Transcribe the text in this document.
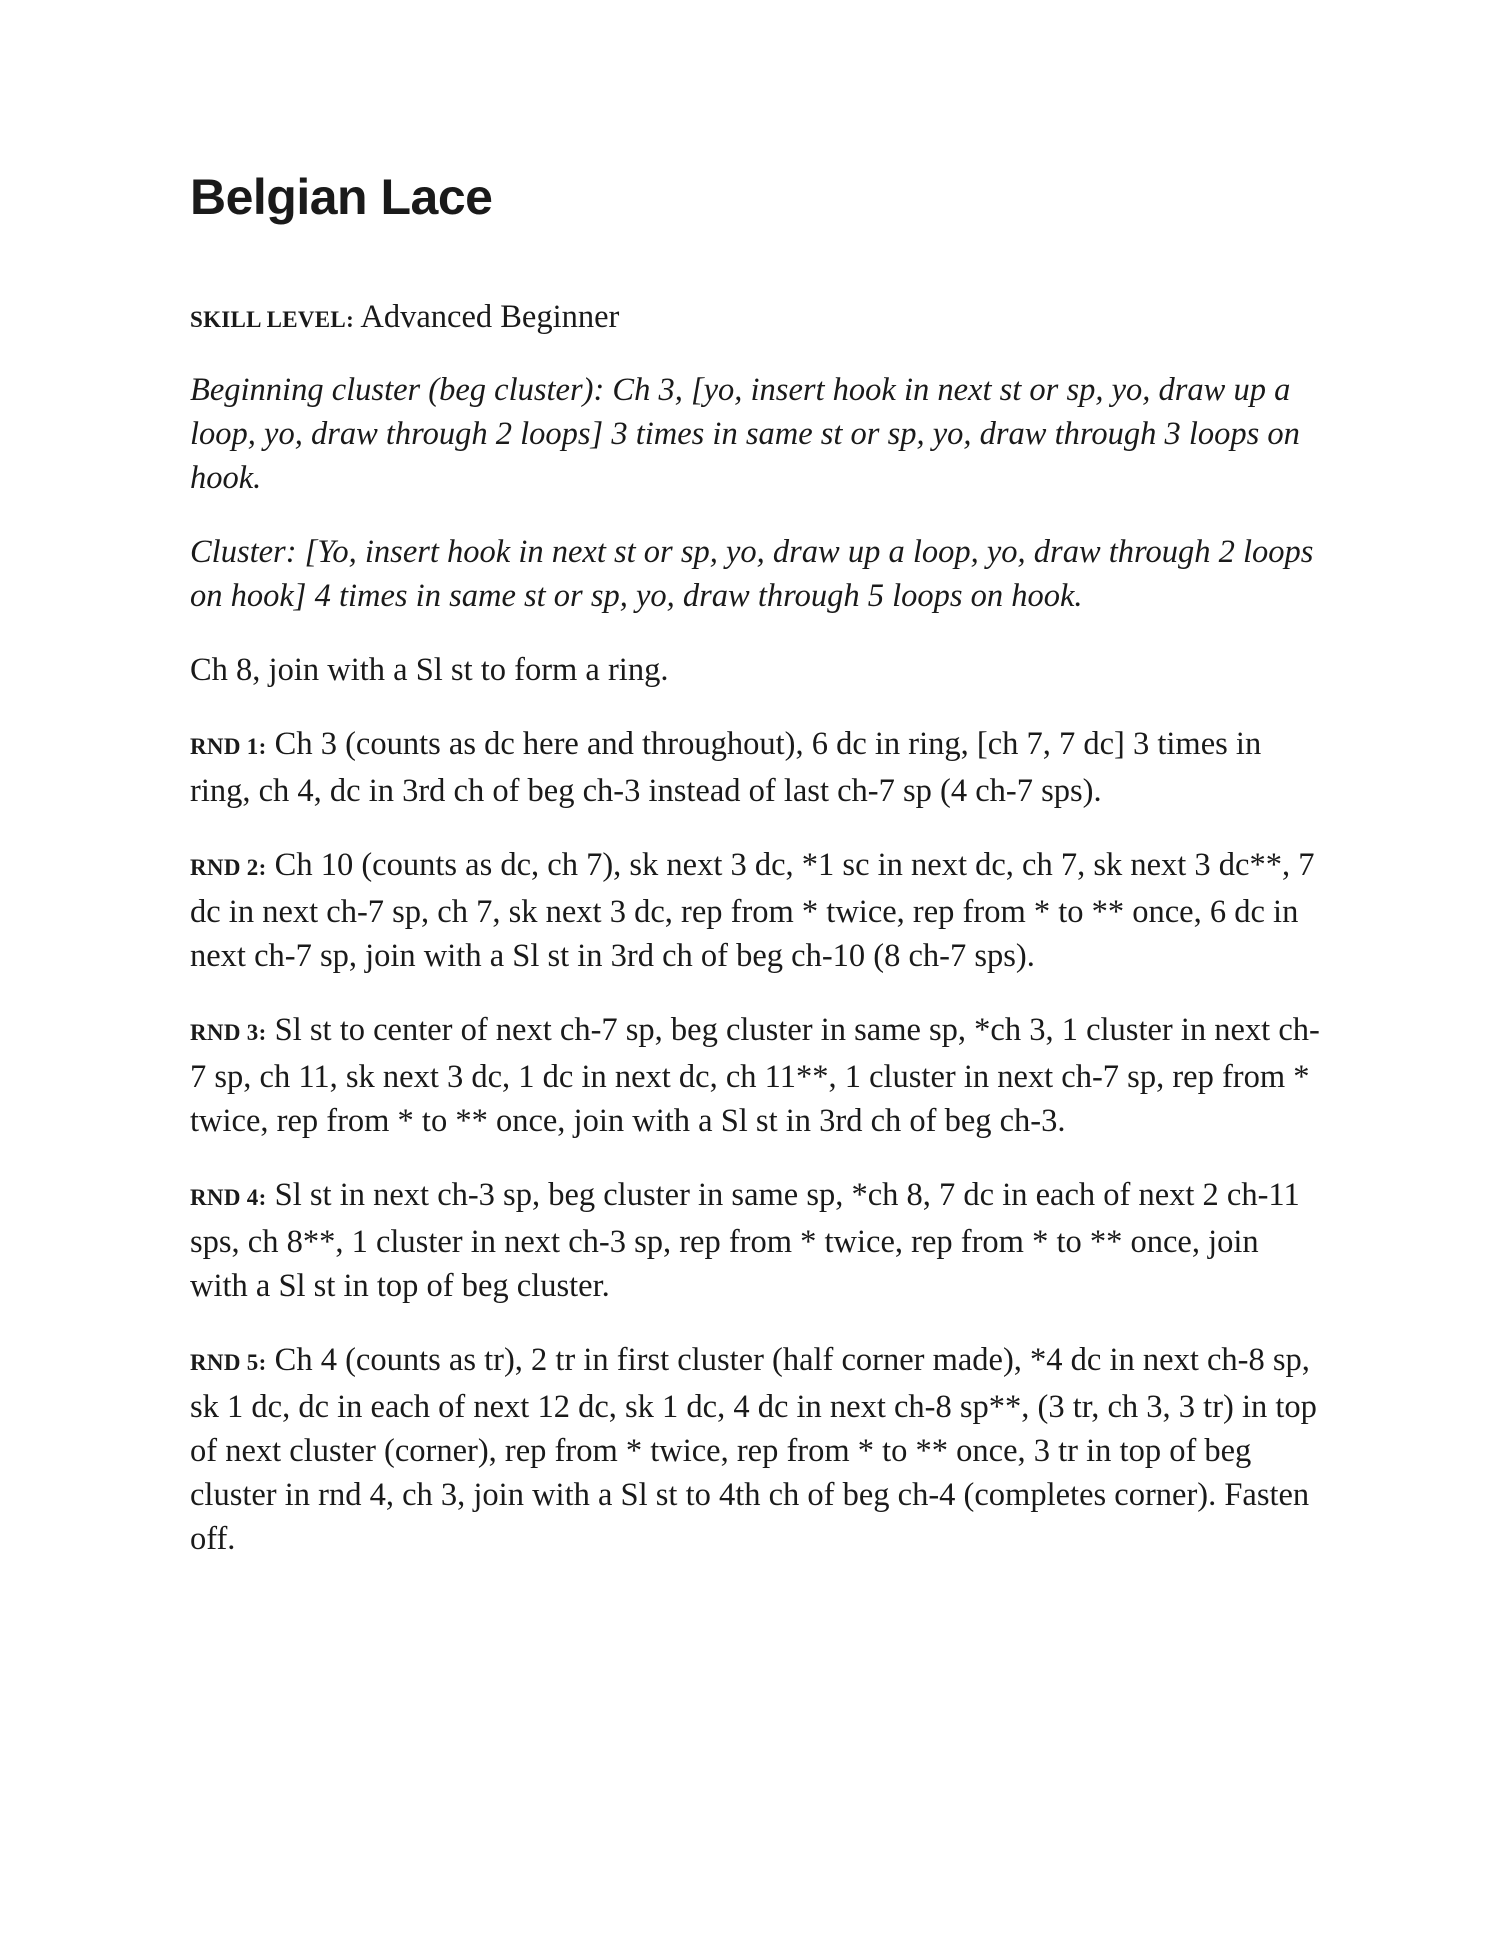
Belgian Lace

SKILL LEVEL: Advanced Beginner

Beginning cluster (beg cluster): Ch 3, [yo, insert hook in next st or sp, yo, draw up a loop, yo, draw through 2 loops] 3 times in same st or sp, yo, draw through 3 loops on hook.

Cluster: [Yo, insert hook in next st or sp, yo, draw up a loop, yo, draw through 2 loops on hook] 4 times in same st or sp, yo, draw through 5 loops on hook.

Ch 8, join with a Sl st to form a ring.

RND 1: Ch 3 (counts as dc here and throughout), 6 dc in ring, [ch 7, 7 dc] 3 times in ring, ch 4, dc in 3rd ch of beg ch-3 instead of last ch-7 sp (4 ch-7 sps).

RND 2: Ch 10 (counts as dc, ch 7), sk next 3 dc, *1 sc in next dc, ch 7, sk next 3 dc**, 7 dc in next ch-7 sp, ch 7, sk next 3 dc, rep from * twice, rep from * to ** once, 6 dc in next ch-7 sp, join with a Sl st in 3rd ch of beg ch-10 (8 ch-7 sps).

RND 3: Sl st to center of next ch-7 sp, beg cluster in same sp, *ch 3, 1 cluster in next ch-7 sp, ch 11, sk next 3 dc, 1 dc in next dc, ch 11**, 1 cluster in next ch-7 sp, rep from * twice, rep from * to ** once, join with a Sl st in 3rd ch of beg ch-3.

RND 4: Sl st in next ch-3 sp, beg cluster in same sp, *ch 8, 7 dc in each of next 2 ch-11 sps, ch 8**, 1 cluster in next ch-3 sp, rep from * twice, rep from * to ** once, join with a Sl st in top of beg cluster.

RND 5: Ch 4 (counts as tr), 2 tr in first cluster (half corner made), *4 dc in next ch-8 sp, sk 1 dc, dc in each of next 12 dc, sk 1 dc, 4 dc in next ch-8 sp**, (3 tr, ch 3, 3 tr) in top of next cluster (corner), rep from * twice, rep from * to ** once, 3 tr in top of beg cluster in rnd 4, ch 3, join with a Sl st to 4th ch of beg ch-4 (completes corner). Fasten off.
